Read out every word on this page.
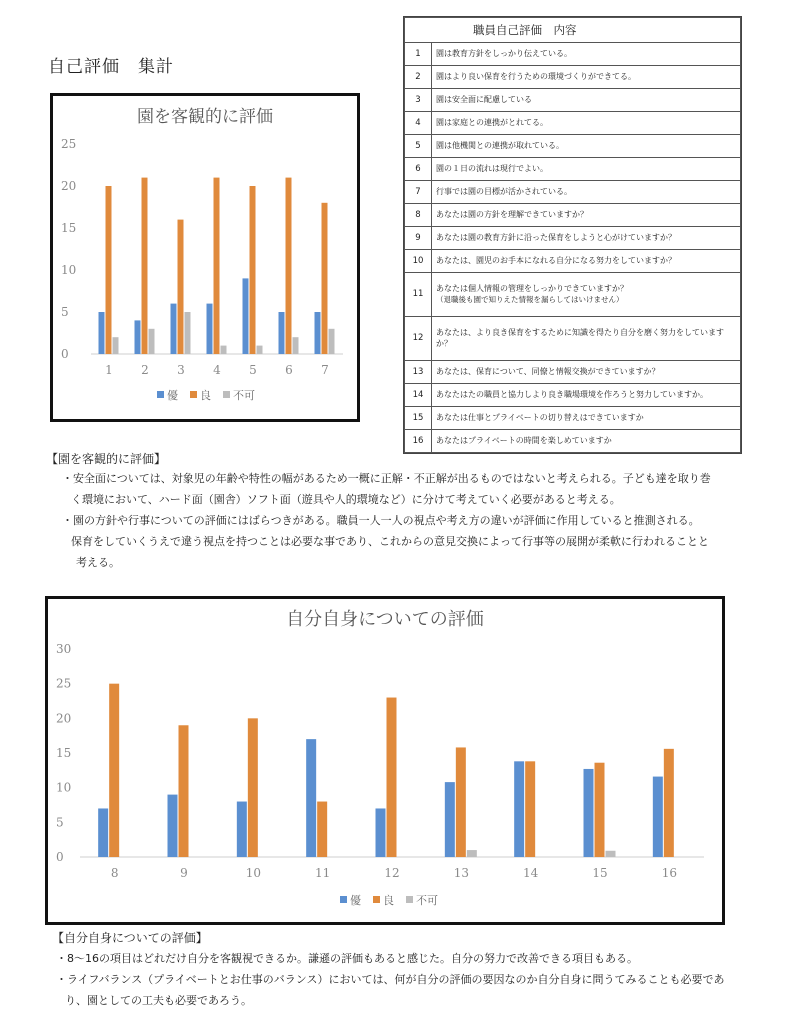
自己評価　集計
園を客観的に評価
0
5
10
15
20
25
1 2 3 4 5 6 7
優 良 不可
職員自己評価　内容	
1	園は教育方針をしっかり伝えている。
2	園はより良い保育を行うための環境づくりができてる。
3	園は安全面に配慮している
4	園は家庭との連携がとれてる。
5	園は他機関との連携が取れている。
6	園の１日の流れは現行でよい。
7	行事では園の目標が活かされている。
8	あなたは園の方針を理解できていますか？
9	あなたは園の教育方針に沿った保育をしようと心がけていますか？
10	あなたは、園児のお手本になれる自分になる努力をしていますか？
11	あなたは個人情報の管理をしっかりできていますか？
（退職後も園で知りえた情報を漏らしてはいけません）

12	あなたは、より良き保育をするために知識を得たり自分を磨く努力をしていますか？
13	あなたは、保育について、同僚と情報交換ができていますか？
14	あなたはたの職員と協力しより良き職場環境を作ろうと努力していますか。
15	あなたは仕事とプライベートの切り替えはできていますか
16	あなたはプライベートの時間を楽しめていますか
【園を客観的に評価】
・安全面については、対象児の年齢や特性の幅があるため一概に正解・不正解が出るものではないと考えられる。子ども達を取り巻
く環境において、ハード面（園舎）ソフト面（遊具や人的環境など）に分けて考えていく必要があると考える。
・園の方針や行事についての評価にはばらつきがある。職員一人一人の視点や考え方の違いが評価に作用していると推測される。
保育をしていくうえで違う視点を持つことは必要な事であり、これからの意見交換によって行事等の展開が柔軟に行われることと
考える。
自分自身についての評価
0
5
10
15
20
25
30
8	9	10	11	12	13	14	15	16
優 良 不可
【自分自身についての評価】
・8～16の項目はどれだけ自分を客観視できるか。謙遜の評価もあると感じた。自分の努力で改善できる項目もある。
・ライフバランス（プライベートとお仕事のバランス）においては、何が自分の評価の要因なのか自分自身に問うてみることも必要であ
り、園としての工夫も必要であろう。
